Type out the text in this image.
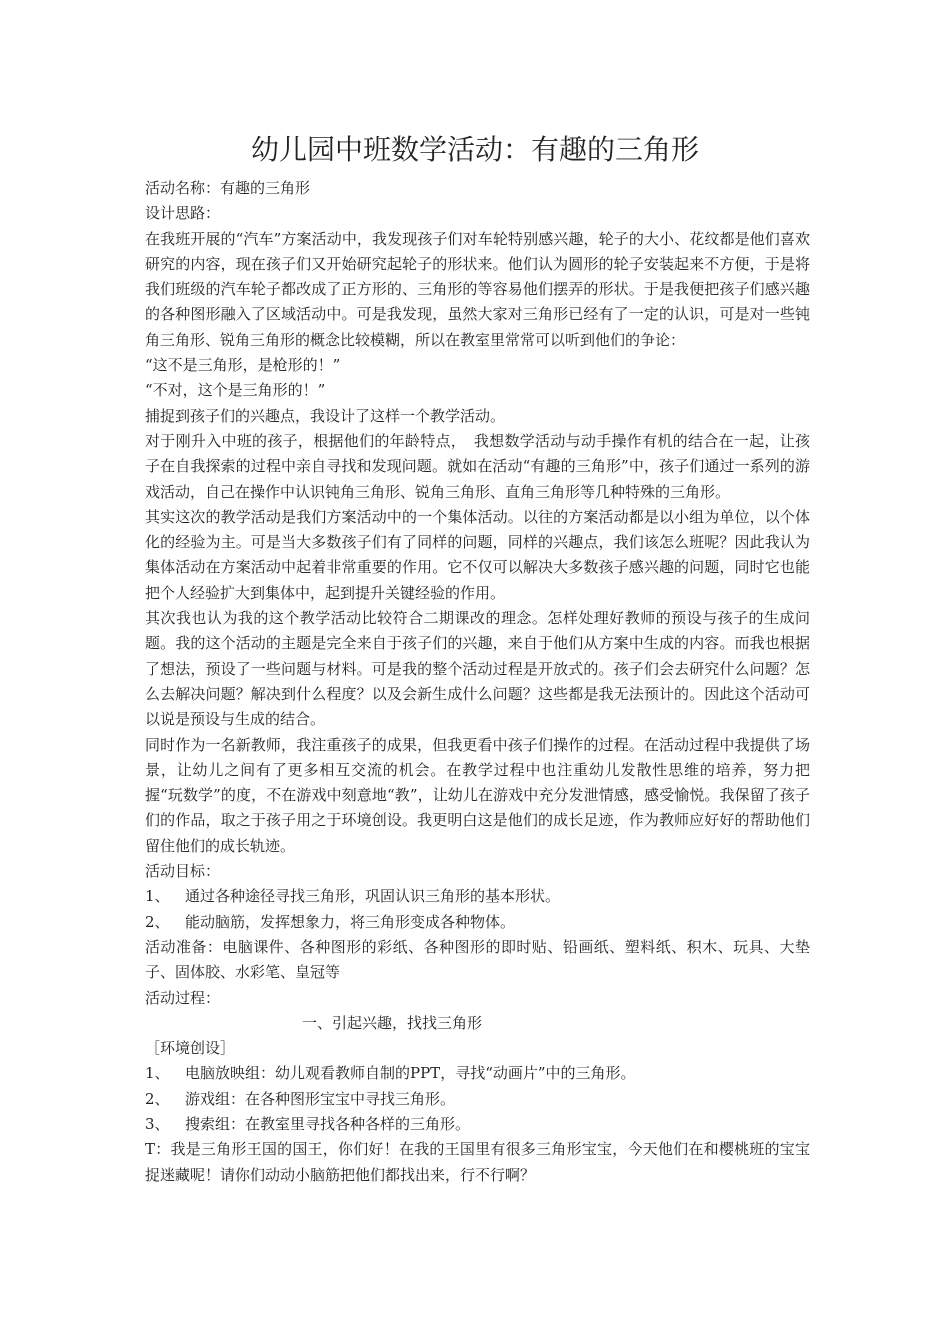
幼儿园中班数学活动：有趣的三角形

活动名称：有趣的三角形

设计思路：

在我班开展的“汽车”方案活动中，我发现孩子们对车轮特别感兴趣，轮子的大小、花纹都是他们喜欢研究的内容，现在孩子们又开始研究起轮子的形状来。他们认为圆形的轮子安装起来不方便，于是将我们班级的汽车轮子都改成了正方形的、三角形的等容易他们摆弄的形状。于是我便把孩子们感兴趣的各种图形融入了区域活动中。可是我发现，虽然大家对三角形已经有了一定的认识，可是对一些钝角三角形、锐角三角形的概念比较模糊，所以在教室里常常可以听到他们的争论：

“这不是三角形，是枪形的！”

“不对，这个是三角形的！”

捕捉到孩子们的兴趣点，我设计了这样一个教学活动。

对于刚升入中班的孩子，根据他们的年龄特点，　我想数学活动与动手操作有机的结合在一起，让孩子在自我探索的过程中亲自寻找和发现问题。就如在活动“有趣的三角形”中，孩子们通过一系列的游戏活动，自己在操作中认识钝角三角形、锐角三角形、直角三角形等几种特殊的三角形。

其实这次的教学活动是我们方案活动中的一个集体活动。以往的方案活动都是以小组为单位，以个体化的经验为主。可是当大多数孩子们有了同样的问题，同样的兴趣点，我们该怎么班呢？因此我认为集体活动在方案活动中起着非常重要的作用。它不仅可以解决大多数孩子感兴趣的问题，同时它也能把个人经验扩大到集体中，起到提升关键经验的作用。

其次我也认为我的这个教学活动比较符合二期课改的理念。怎样处理好教师的预设与孩子的生成问题。我的这个活动的主题是完全来自于孩子们的兴趣，来自于他们从方案中生成的内容。而我也根据了想法，预设了一些问题与材料。可是我的整个活动过程是开放式的。孩子们会去研究什么问题？怎么去解决问题？解决到什么程度？以及会新生成什么问题？这些都是我无法预计的。因此这个活动可以说是预设与生成的结合。

同时作为一名新教师，我注重孩子的成果，但我更看中孩子们操作的过程。在活动过程中我提供了场景，让幼儿之间有了更多相互交流的机会。在教学过程中也注重幼儿发散性思维的培养，努力把握“玩数学”的度，不在游戏中刻意地“教”，让幼儿在游戏中充分发泄情感，感受愉悦。我保留了孩子们的作品，取之于孩子用之于环境创设。我更明白这是他们的成长足迹，作为教师应好好的帮助他们留住他们的成长轨迹。

活动目标：

1、 通过各种途径寻找三角形，巩固认识三角形的基本形状。

2、 能动脑筋，发挥想象力，将三角形变成各种物体。

活动准备：电脑课件、各种图形的彩纸、各种图形的即时贴、铅画纸、塑料纸、积木、玩具、大垫子、固体胶、水彩笔、皇冠等

活动过程：

一、引起兴趣，找找三角形

［环境创设］

1、 电脑放映组：幼儿观看教师自制的PPT，寻找“动画片”中的三角形。

2、 游戏组：在各种图形宝宝中寻找三角形。

3、 搜索组：在教室里寻找各种各样的三角形。

T：我是三角形王国的国王，你们好！在我的王国里有很多三角形宝宝，今天他们在和樱桃班的宝宝捉迷藏呢！请你们动动小脑筋把他们都找出来，行不行啊？
